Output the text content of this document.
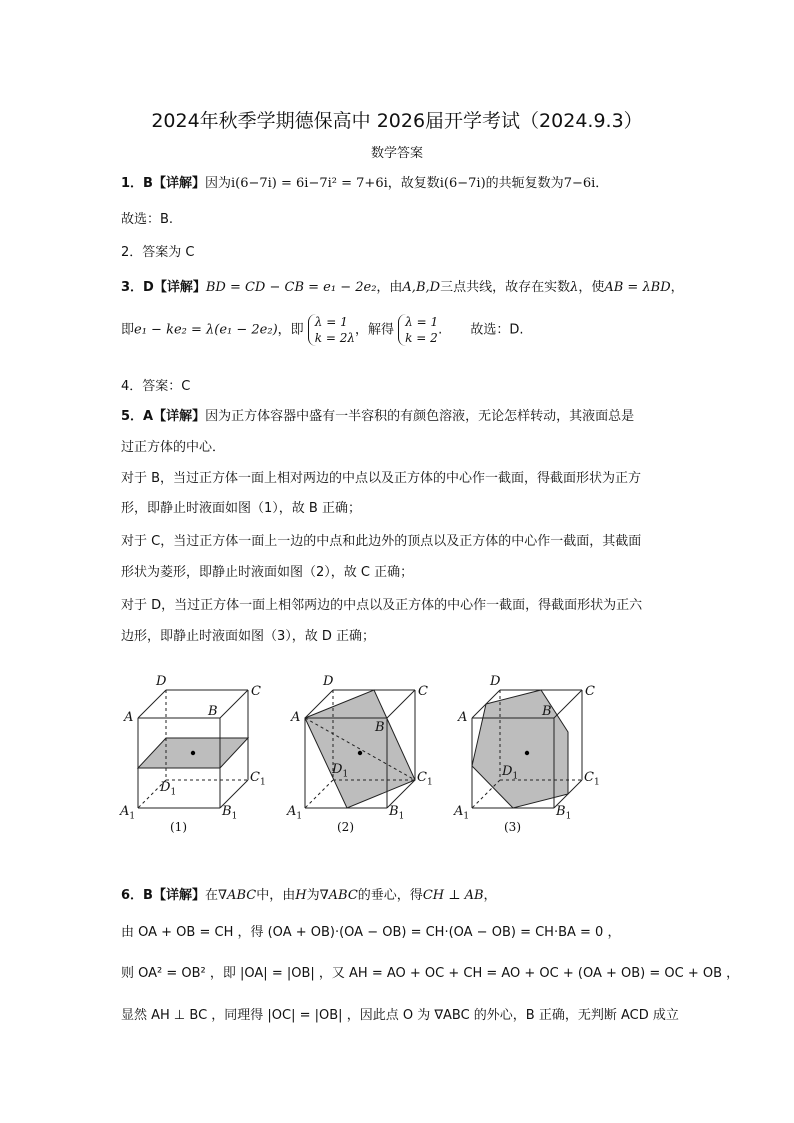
2024年秋季学期德保高中 2026届开学考试（2024.9.3）
数学答案
1．B【详解】因为i(6−7i) = 6i−7i² = 7+6i，故复数i(6−7i)的共轭复数为7−6i．
故选：B.
2．答案为 C
3．D【详解】BD = CD − CB = e₁ − 2e₂，由A,B,D三点共线，故存在实数λ，使AB = λBD，
即e₁ − ke₂ = λ(e₁ − 2e₂)，即 λ = 1
k = 2λ，解得 λ = 1
k = 2. 故选：D.
4．答案：C
5．A【详解】因为正方体容器中盛有一半容积的有颜色溶液，无论怎样转动，其液面总是
过正方体的中心．
对于 B，当过正方体一面上相对两边的中点以及正方体的中心作一截面，得截面形状为正方
形，即静止时液面如图（1），故 B 正确；
对于 C，当过正方体一面上一边的中点和此边外的顶点以及正方体的中心作一截面，其截面
形状为菱形，即静止时液面如图（2），故 C 正确；
对于 D，当过正方体一面上相邻两边的中点以及正方体的中心作一截面，得截面形状为正六
边形，即静止时液面如图（3），故 D 正确；
D
C
A	B
$C_1$
$D_1$
$A_1$	$B_1$
(1)
D
C
A
B
$C_1$
$D_1$
$A_1$	$B_1$
(2)
D
C
A	B
$C_1$
$D_1$
$A_1$	$B_1$
(3)
6．B【详解】在∇ABC中，由H为∇ABC的垂心，得CH ⊥ AB，
由 OA + OB = CH ，得 (OA + OB)·(OA − OB) = CH·(OA − OB) = CH·BA = 0 ，
则 OA² = OB² ，即 |OA| = |OB| ，又 AH = AO + OC + CH = AO + OC + (OA + OB) = OC + OB ，
显然 AH ⊥ BC ，同理得 |OC| = |OB| ，因此点 O 为 ∇ABC 的外心，B 正确，无判断 ACD 成立
